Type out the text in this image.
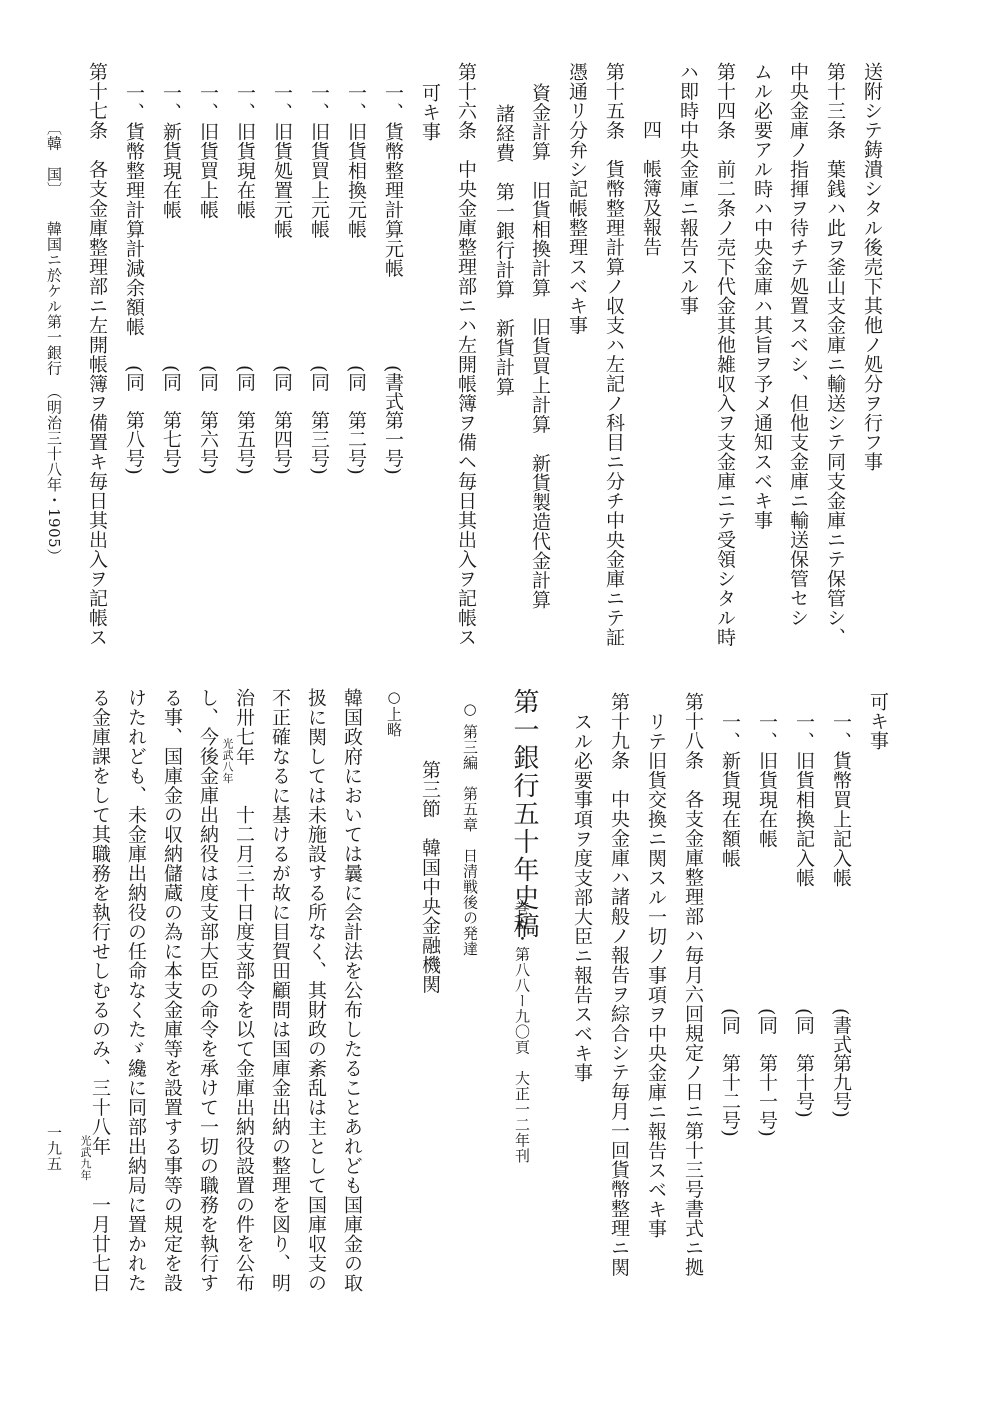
送附シテ鋳潰シタル後売下其他ノ処分ヲ行フ事
第十三条　葉銭ハ此ヲ釜山支金庫ニ輸送シテ同支金庫ニテ保管シ、
中央金庫ノ指揮ヲ待チテ処置スベシ、但他支金庫ニ輸送保管セシ
ムル必要アル時ハ中央金庫ハ其旨ヲ予メ通知スベキ事
第十四条　前二条ノ売下代金其他雑収入ヲ支金庫ニテ受領シタル時
ハ即時中央金庫ニ報告スル事
四　帳簿及報告
第十五条　貨幣整理計算ノ収支ハ左記ノ科目ニ分チ中央金庫ニテ証
憑通リ分弁シ記帳整理スベキ事
資金計算　旧貨相換計算　旧貨買上計算　新貨製造代金計算
諸経費　第一銀行計算　新貨計算
第十六条　中央金庫整理部ニハ左開帳簿ヲ備ヘ毎日其出入ヲ記帳ス
可キ事
一、貨幣整理計算元帳
(書式第一号)
一、旧貨相換元帳
(同　第二号)
一、旧貨買上元帳
(同　第三号)
一、旧貨処置元帳
(同　第四号)
一、旧貨現在帳
(同　第五号)
一、旧貨買上帳
(同　第六号)
一、新貨現在帳
(同　第七号)
一、貨幣整理計算計減余額帳
(同　第八号)
第十七条　各支金庫整理部ニ左開帳簿ヲ備置キ毎日其出入ヲ記帳ス
〔韓　国〕　　韓国ニ於ケル第一銀行　（明治三十八年・1905）
可キ事
一、貨幣買上記入帳
(書式第九号)
一、旧貨相換記入帳
(同　第十号)
一、旧貨現在帳
(同　第十一号)
一、新貨現在額帳
(同　第十二号)
第十八条　各支金庫整理部ハ毎月六回規定ノ日ニ第十三号書式ニ拠
リテ旧貨交換ニ関スル一切ノ事項ヲ中央金庫ニ報告スベキ事
第十九条　中央金庫ハ諸般ノ報告ヲ綜合シテ毎月一回貨幣整理ニ関
スル必要事項ヲ度支部大臣ニ報告スベキ事
第一銀行五十年史稿
巻五・第八八ー九〇頁　大正一二年刊
○ 第三編　第五章　日清戦後の発達
第三節　韓国中央金融機関
○上略
韓国政府においては曩に会計法を公布したることあれども国庫金の取
扱に関しては未施設する所なく、其財政の紊乱は主として国庫収支の
不正確なるに基けるが故に目賀田顧問は国庫金出納の整理を図り、明
治卅七年　　十二月三十日度支部令を以て金庫出納役設置の件を公布
光武八年
し、今後金庫出納役は度支部大臣の命令を承けて一切の職務を執行す
る事、国庫金の収納儲蔵の為に本支金庫等を設置する事等の規定を設
けたれども、未金庫出納役の任命なくたゞ纔に同部出納局に置かれた
る金庫課をして其職務を執行せしむるのみ、三十八年　　一月廿七日
光武九年
一九五
